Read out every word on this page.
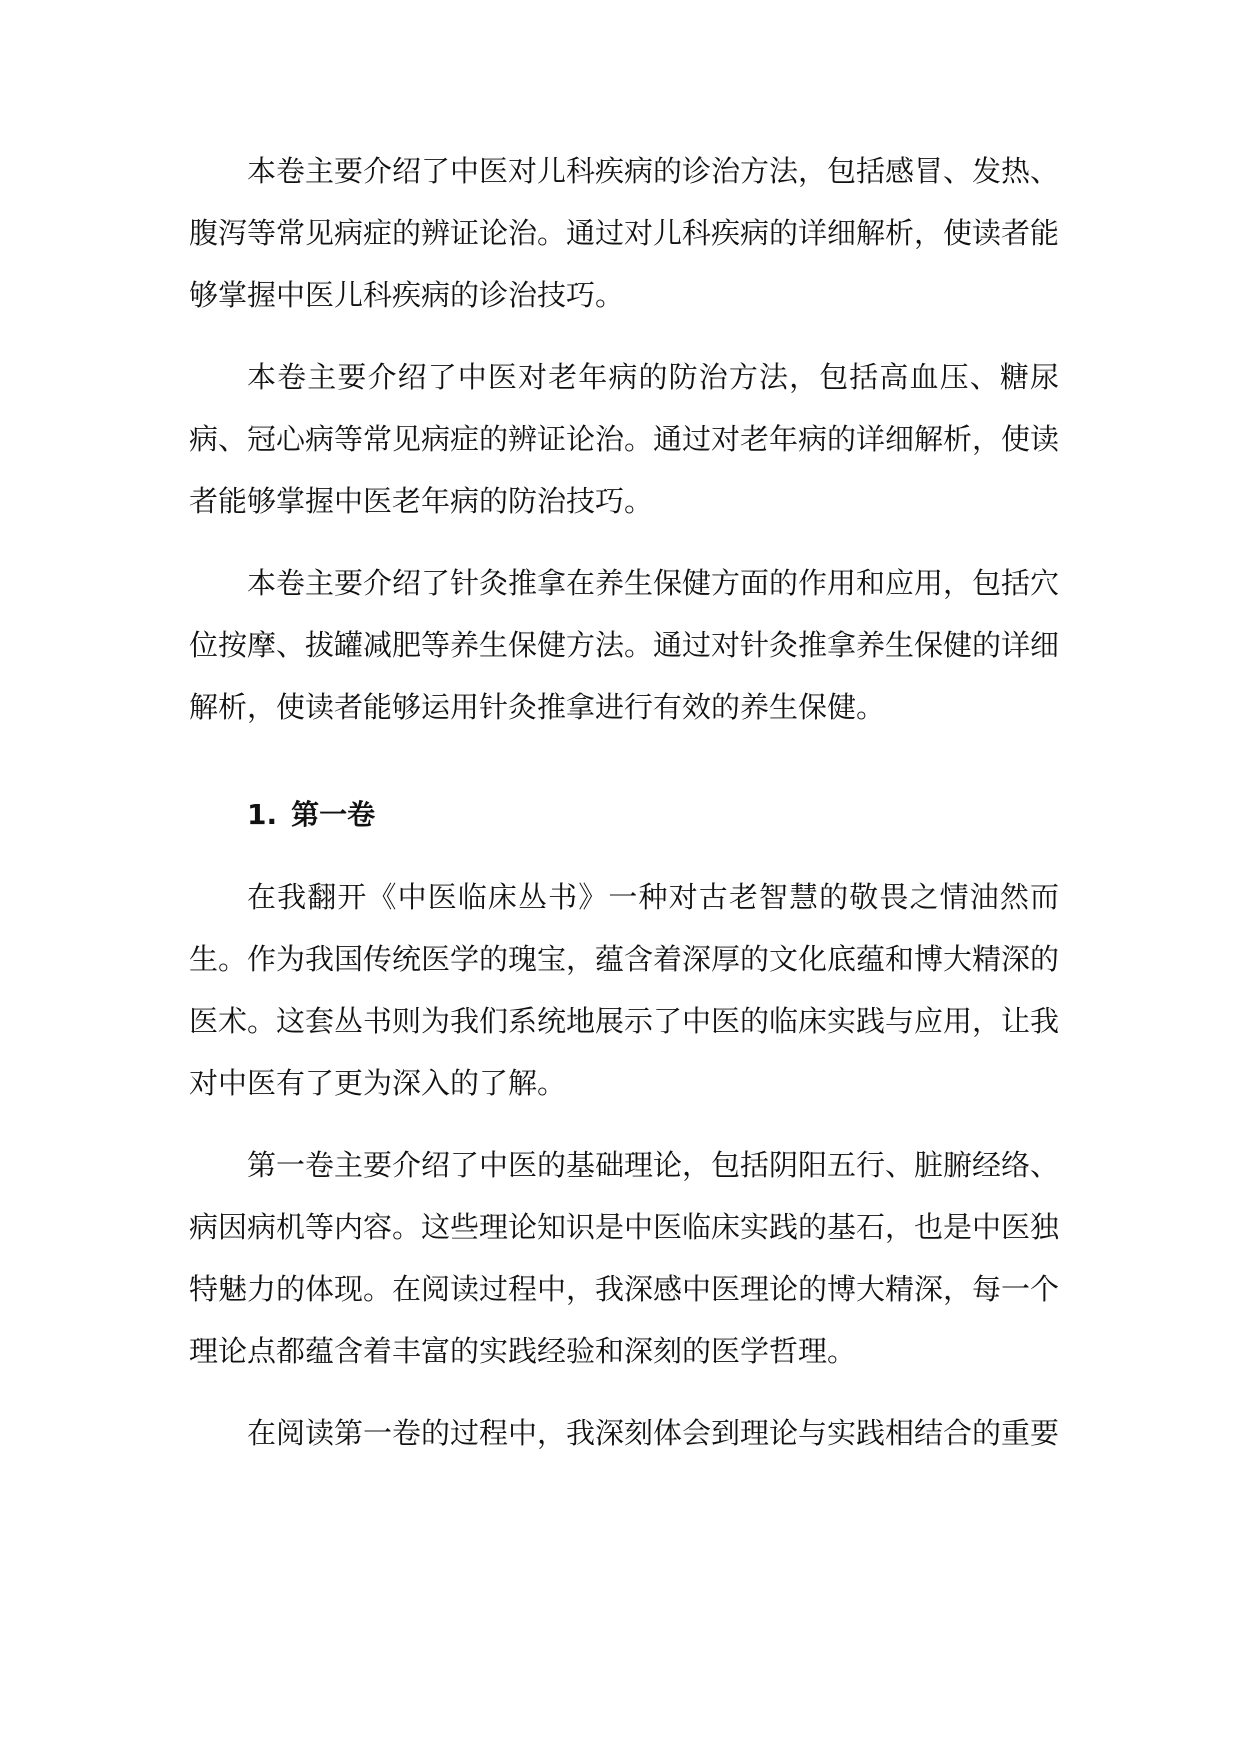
本卷主要介绍了中医对儿科疾病的诊治方法，包括感冒、发热、腹泻等常见病症的辨证论治。通过对儿科疾病的详细解析，使读者能够掌握中医儿科疾病的诊治技巧。

本卷主要介绍了中医对老年病的防治方法，包括高血压、糖尿病、冠心病等常见病症的辨证论治。通过对老年病的详细解析，使读者能够掌握中医老年病的防治技巧。

本卷主要介绍了针灸推拿在养生保健方面的作用和应用，包括穴位按摩、拔罐减肥等养生保健方法。通过对针灸推拿养生保健的详细解析，使读者能够运用针灸推拿进行有效的养生保健。

1. 第一卷

在我翻开《中医临床丛书》一种对古老智慧的敬畏之情油然而生。作为我国传统医学的瑰宝，蕴含着深厚的文化底蕴和博大精深的医术。这套丛书则为我们系统地展示了中医的临床实践与应用，让我对中医有了更为深入的了解。

第一卷主要介绍了中医的基础理论，包括阴阳五行、脏腑经络、病因病机等内容。这些理论知识是中医临床实践的基石，也是中医独特魅力的体现。在阅读过程中，我深感中医理论的博大精深，每一个理论点都蕴含着丰富的实践经验和深刻的医学哲理。

在阅读第一卷的过程中，我深刻体会到理论与实践相结合的重要
